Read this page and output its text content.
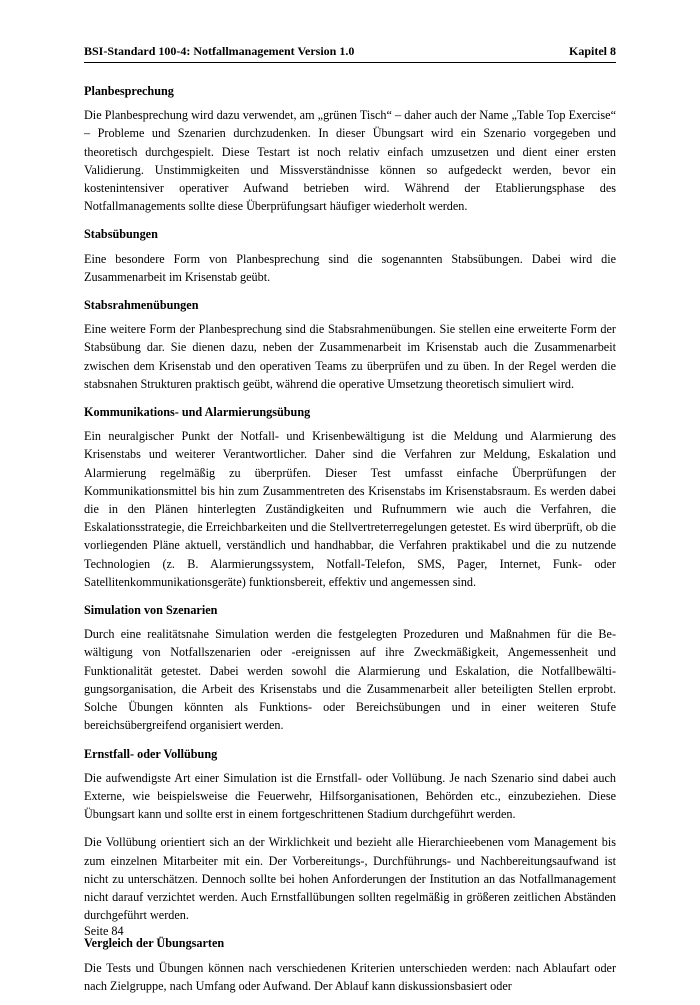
BSI-Standard 100-4: Notfallmanagement Version 1.0	Kapitel 8
Planbesprechung

Die Planbesprechung wird dazu verwendet, am „grünen Tisch“ – daher auch der Name „Table Top Exercise“ – Probleme und Szenarien durchzudenken. In dieser Übungsart wird ein Szenario vorgegeben und theoretisch durchgespielt. Diese Testart ist noch relativ einfach umzusetzen und dient einer ersten Validierung. Unstimmigkeiten und Missverständnisse können so aufgedeckt werden, bevor ein kostenintensiver operativer Aufwand betrieben wird. Während der Etablierungsphase des Notfallmanagements sollte diese Überprüfungsart häufiger wiederholt werden.

Stabsübungen

Eine besondere Form von Planbesprechung sind die sogenannten Stabsübungen. Dabei wird die Zusammenarbeit im Krisenstab geübt.

Stabsrahmenübungen

Eine weitere Form der Planbesprechung sind die Stabsrahmenübungen. Sie stellen eine erweiterte Form der Stabsübung dar. Sie dienen dazu, neben der Zusammenarbeit im Krisenstab auch die Zusammenarbeit zwischen dem Krisenstab und den operativen Teams zu überprüfen und zu üben. In der Regel werden die stabsnahen Strukturen praktisch geübt, während die operative Umsetzung theoretisch simuliert wird.

Kommunikations- und Alarmierungsübung

Ein neuralgischer Punkt der Notfall- und Krisenbewältigung ist die Meldung und Alarmierung des Krisenstabs und weiterer Verantwortlicher. Daher sind die Verfahren zur Meldung, Eskalation und Alarmierung regelmäßig zu überprüfen. Dieser Test umfasst einfache Überprüfungen der Kommunikationsmittel bis hin zum Zusammentreten des Krisenstabs im Krisenstabsraum. Es werden dabei die in den Plänen hinterlegten Zuständigkeiten und Rufnummern wie auch die Verfahren, die Eskalationsstrategie, die Erreichbarkeiten und die Stellvertreterregelungen getestet. Es wird überprüft, ob die vorliegenden Pläne aktuell, verständlich und handhabbar, die Verfahren praktikabel und die zu nutzende Technologien (z. B. Alarmierungssystem, Notfall-Telefon, SMS, Pager, Internet, Funk- oder Satellitenkommunikationsgeräte) funktionsbereit, effektiv und angemessen sind.

Simulation von Szenarien

Durch eine realitätsnahe Simulation werden die festgelegten Prozeduren und Maßnahmen für die Bewältigung von Notfallszenarien oder -ereignissen auf ihre Zweckmäßigkeit, Angemessenheit und Funktionalität getestet. Dabei werden sowohl die Alarmierung und Eskalation, die Notfallbewältigungsorganisation, die Arbeit des Krisenstabs und die Zusammenarbeit aller beteiligten Stellen erprobt. Solche Übungen könnten als Funktions- oder Bereichsübungen und in einer weiteren Stufe bereichsübergreifend organisiert werden.

Ernstfall- oder Vollübung

Die aufwendigste Art einer Simulation ist die Ernstfall- oder Vollübung. Je nach Szenario sind dabei auch Externe, wie beispielsweise die Feuerwehr, Hilfsorganisationen, Behörden etc., einzubeziehen. Diese Übungsart kann und sollte erst in einem fortgeschrittenen Stadium durchgeführt werden.

Die Vollübung orientiert sich an der Wirklichkeit und bezieht alle Hierarchieebenen vom Management bis zum einzelnen Mitarbeiter mit ein. Der Vorbereitungs-, Durchführungs- und Nachbereitungsaufwand ist nicht zu unterschätzen. Dennoch sollte bei hohen Anforderungen der Institution an das Notfallmanagement nicht darauf verzichtet werden. Auch Ernstfallübungen sollten regelmäßig in größeren zeitlichen Abständen durchgeführt werden.

Vergleich der Übungsarten

Die Tests und Übungen können nach verschiedenen Kriterien unterschieden werden: nach Ablaufart oder nach Zielgruppe, nach Umfang oder Aufwand. Der Ablauf kann diskussionsbasiert oder

Seite 84
